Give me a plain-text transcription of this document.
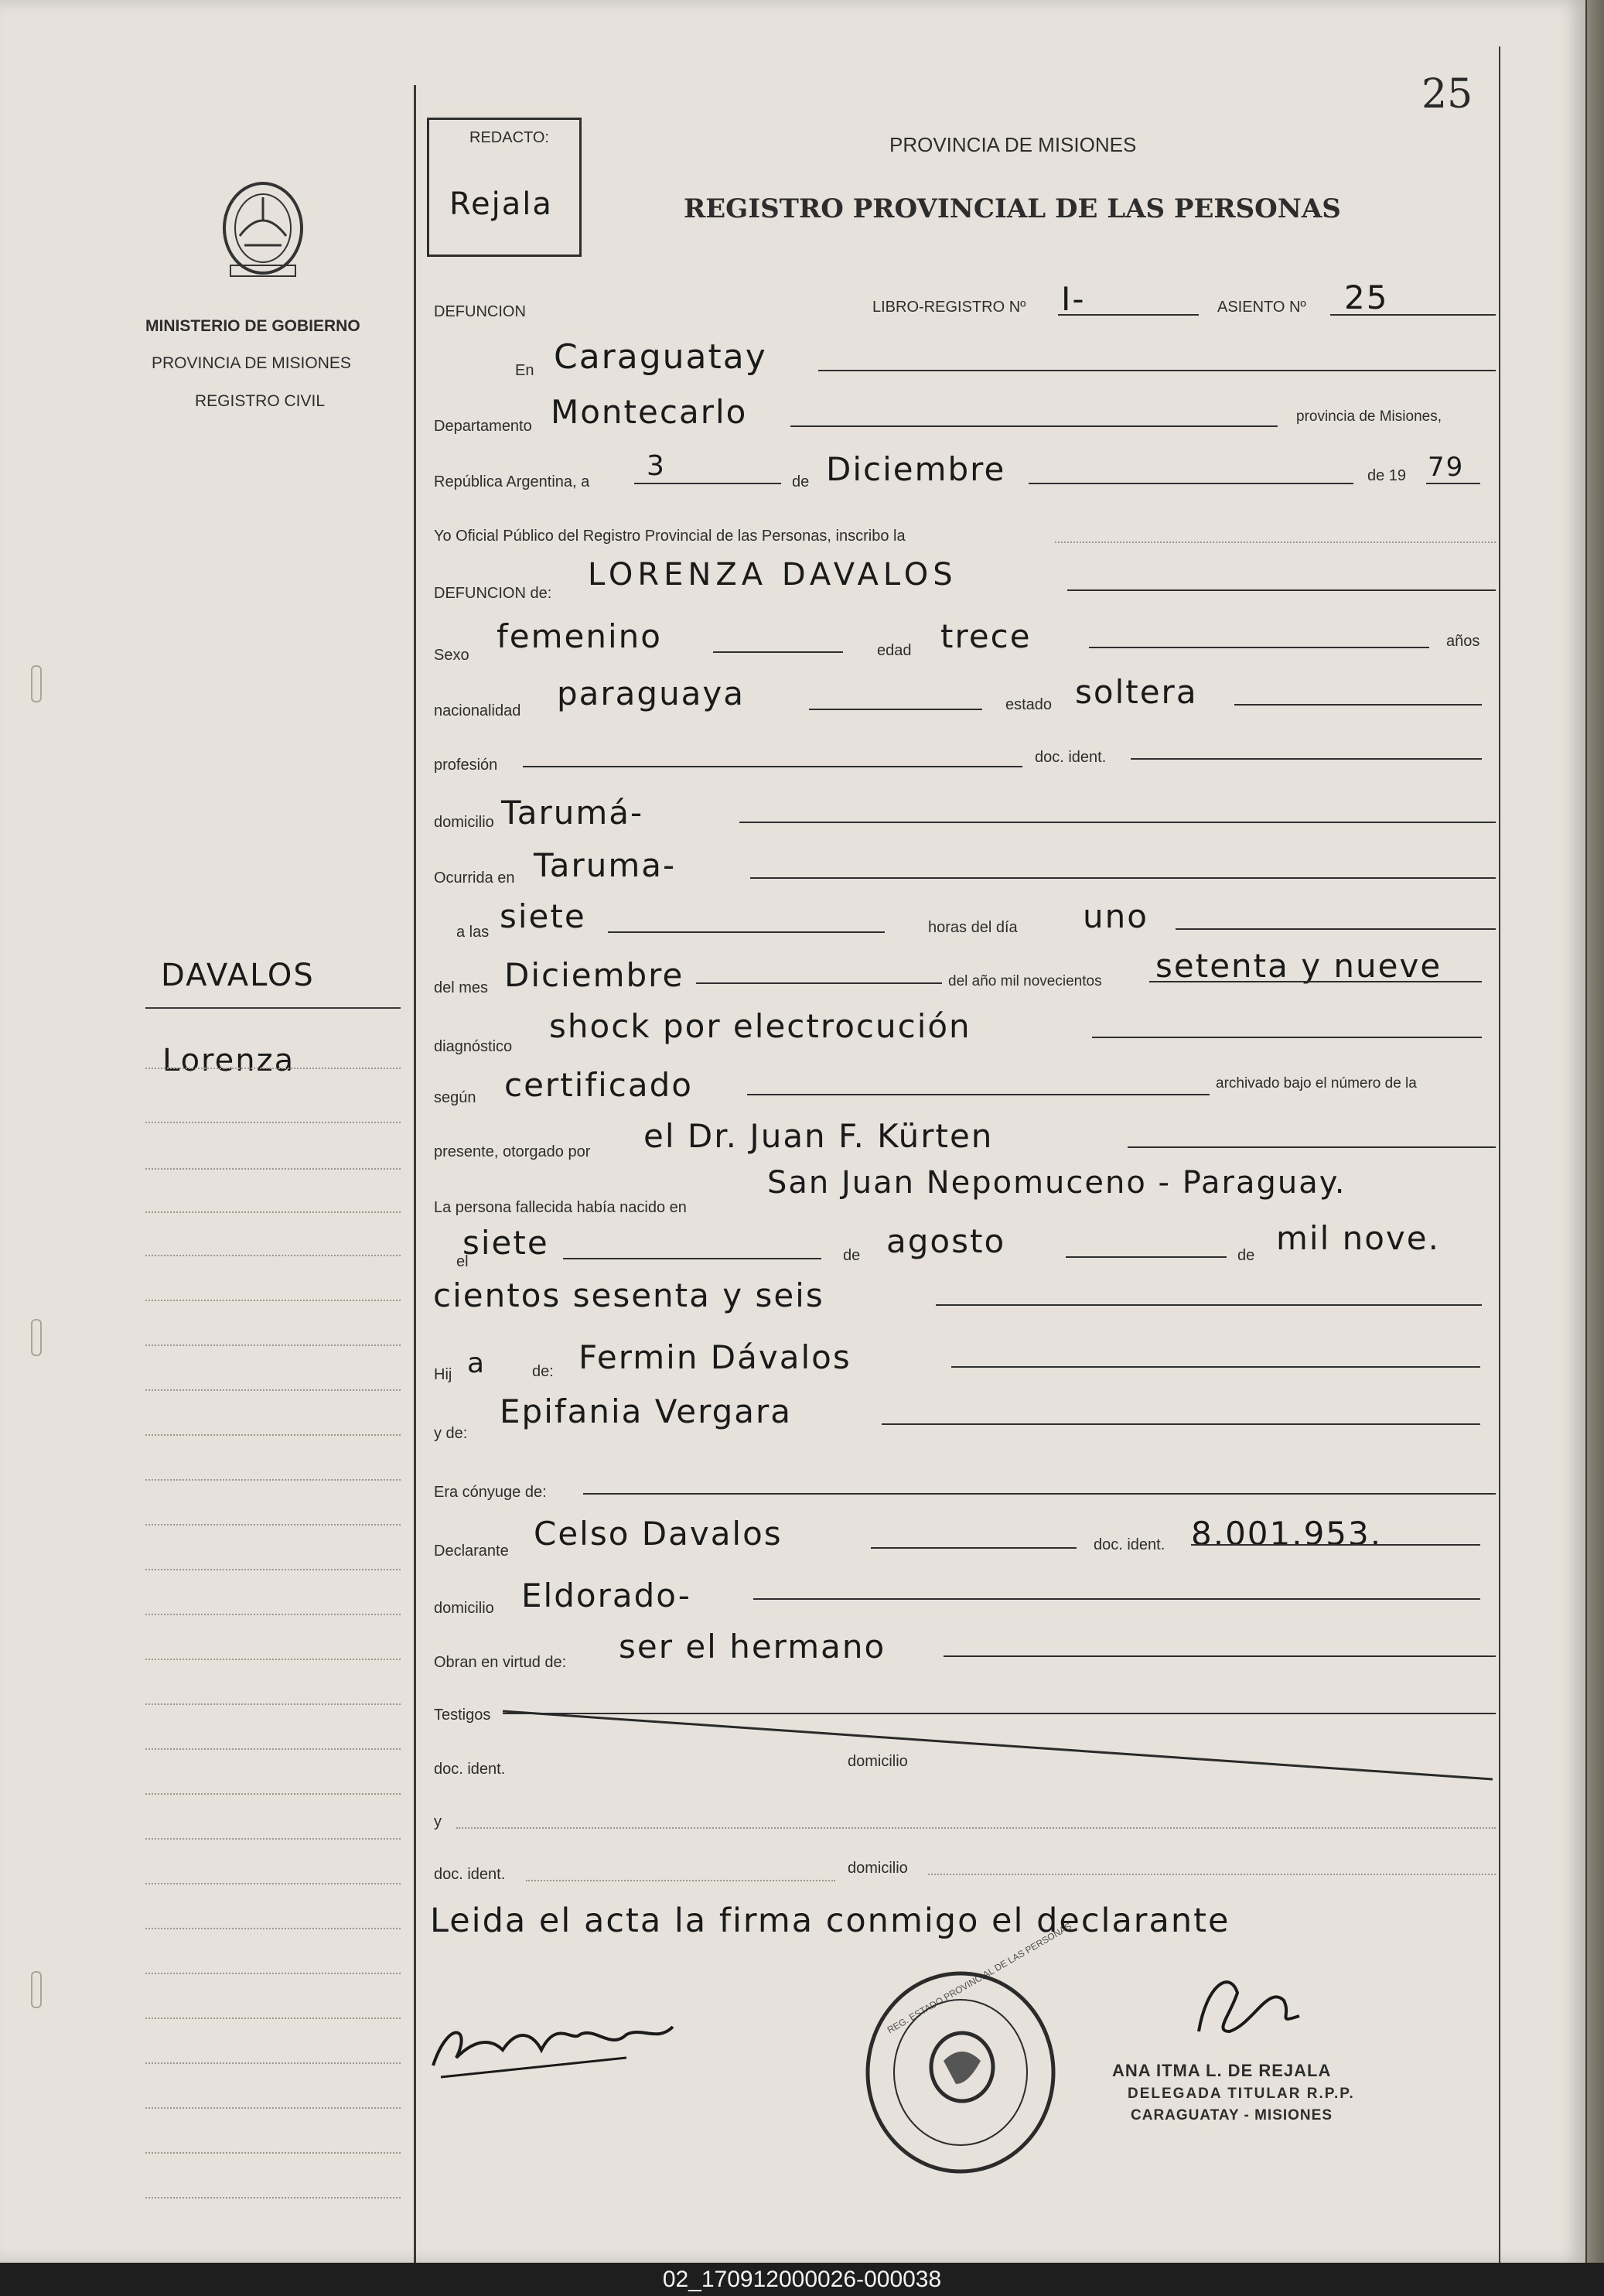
25
MINISTERIO DE GOBIERNO
PROVINCIA DE MISIONES
REGISTRO CIVIL
DAVALOS
Lorenza
REDACTO:
Rejala
PROVINCIA DE MISIONES
REGISTRO PROVINCIAL DE LAS PERSONAS
DEFUNCION	LIBRO-REGISTRO Nº I-	ASIENTO Nº 25
En Caraguatay
Departamento Montecarlo	provincia de Misiones,
República Argentina, a 3	de Diciembre	de 19 79
Yo Oficial Público del Registro Provincial de las Personas, inscribo la
DEFUNCION de:
LORENZA DAVALOS
Sexo femenino	edad trece	años
nacionalidad paraguaya	estado soltera
profesión	doc. ident.
domicilio Tarumá-
Ocurrida en Taruma-
a las siete	horas del día uno
del mes Diciembre	del año mil novecientos setenta y nueve
diagnóstico
shock por electrocución
según certificado	archivado bajo el número de la
presente, otorgado por el Dr. Juan F. Kürten
La persona fallecida había nacido en
San Juan Nepomuceno - Paraguay.
el
siete	de agosto	de mil nove.
cientos sesenta y seis
Hij a	de: Fermin Dávalos
y de:
Epifania Vergara
Era cónyuge de:
Declarante Celso Davalos	doc. ident. 8.001.953.
domicilio Eldorado-
Obran en virtud de: ser el hermano
Testigos
doc. ident.	domicilio
y
doc. ident.	domicilio
Leida el acta la firma conmigo el declarante
REG. ESTADO PROVINCIAL DE LAS PERSONAS
ANA ITMA L. DE REJALA
DELEGADA TITULAR R.P.P.
CARAGUATAY - MISIONES
02_170912000026-000038
